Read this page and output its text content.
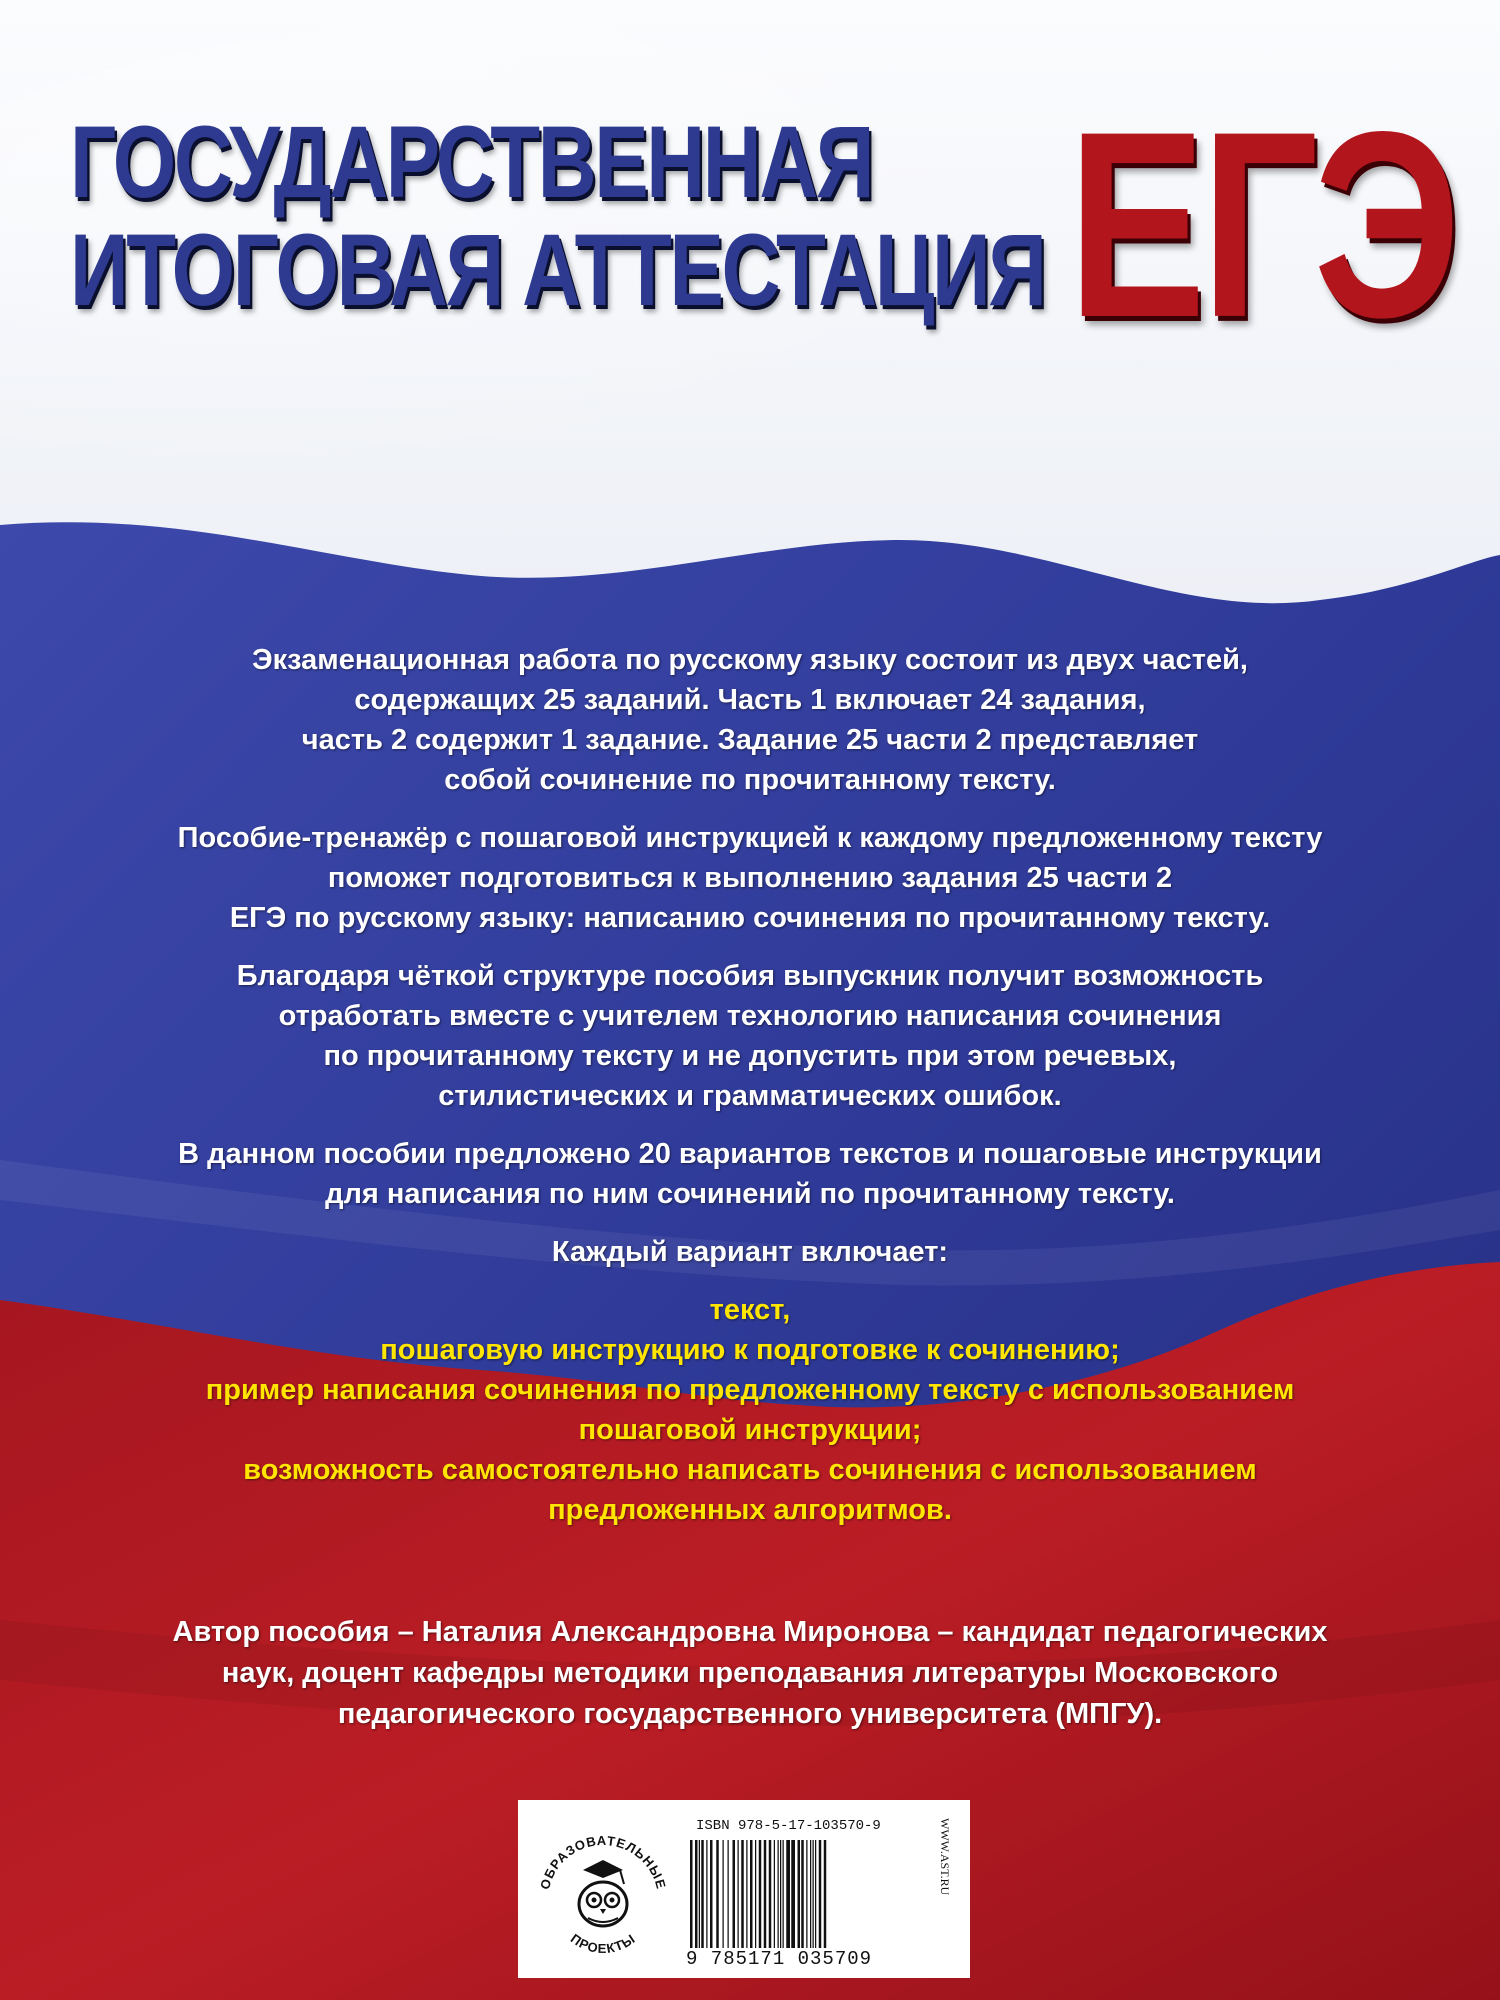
ГОСУДАРСТВЕННАЯ
ИТОГОВАЯ АТТЕСТАЦИЯ ЕГЭ
Экзаменационная работа по русскому языку состоит из двух частей,
содержащих 25 заданий. Часть 1 включает 24 задания,
часть 2 содержит 1 задание. Задание 25 части 2 представляет
собой сочинение по прочитанному тексту.
Пособие-тренажёр с пошаговой инструкцией к каждому предложенному тексту
поможет подготовиться к выполнению задания 25 части 2
ЕГЭ по русскому языку: написанию сочинения по прочитанному тексту.
Благодаря чёткой структуре пособия выпускник получит возможность
отработать вместе с учителем технологию написания сочинения
по прочитанному тексту и не допустить при этом речевых,
стилистических и грамматических ошибок.
В данном пособии предложено 20 вариантов текстов и пошаговые инструкции
для написания по ним сочинений по прочитанному тексту.
Каждый вариант включает:
текст,
пошаговую инструкцию к подготовке к сочинению;
пример написания сочинения по предложенному тексту с использованием
пошаговой инструкции;
возможность самостоятельно написать сочинения с использованием
предложенных алгоритмов.
Автор пособия – Наталия Александровна Миронова – кандидат педагогических
наук, доцент кафедры методики преподавания литературы Московского
педагогического государственного университета (МПГУ).
ОБРАЗОВАТЕЛЬНЫЕ
ПРОЕКТЫ
ISBN 978-5-17-103570-9
9 785171 035709
WWW.AST.RU
